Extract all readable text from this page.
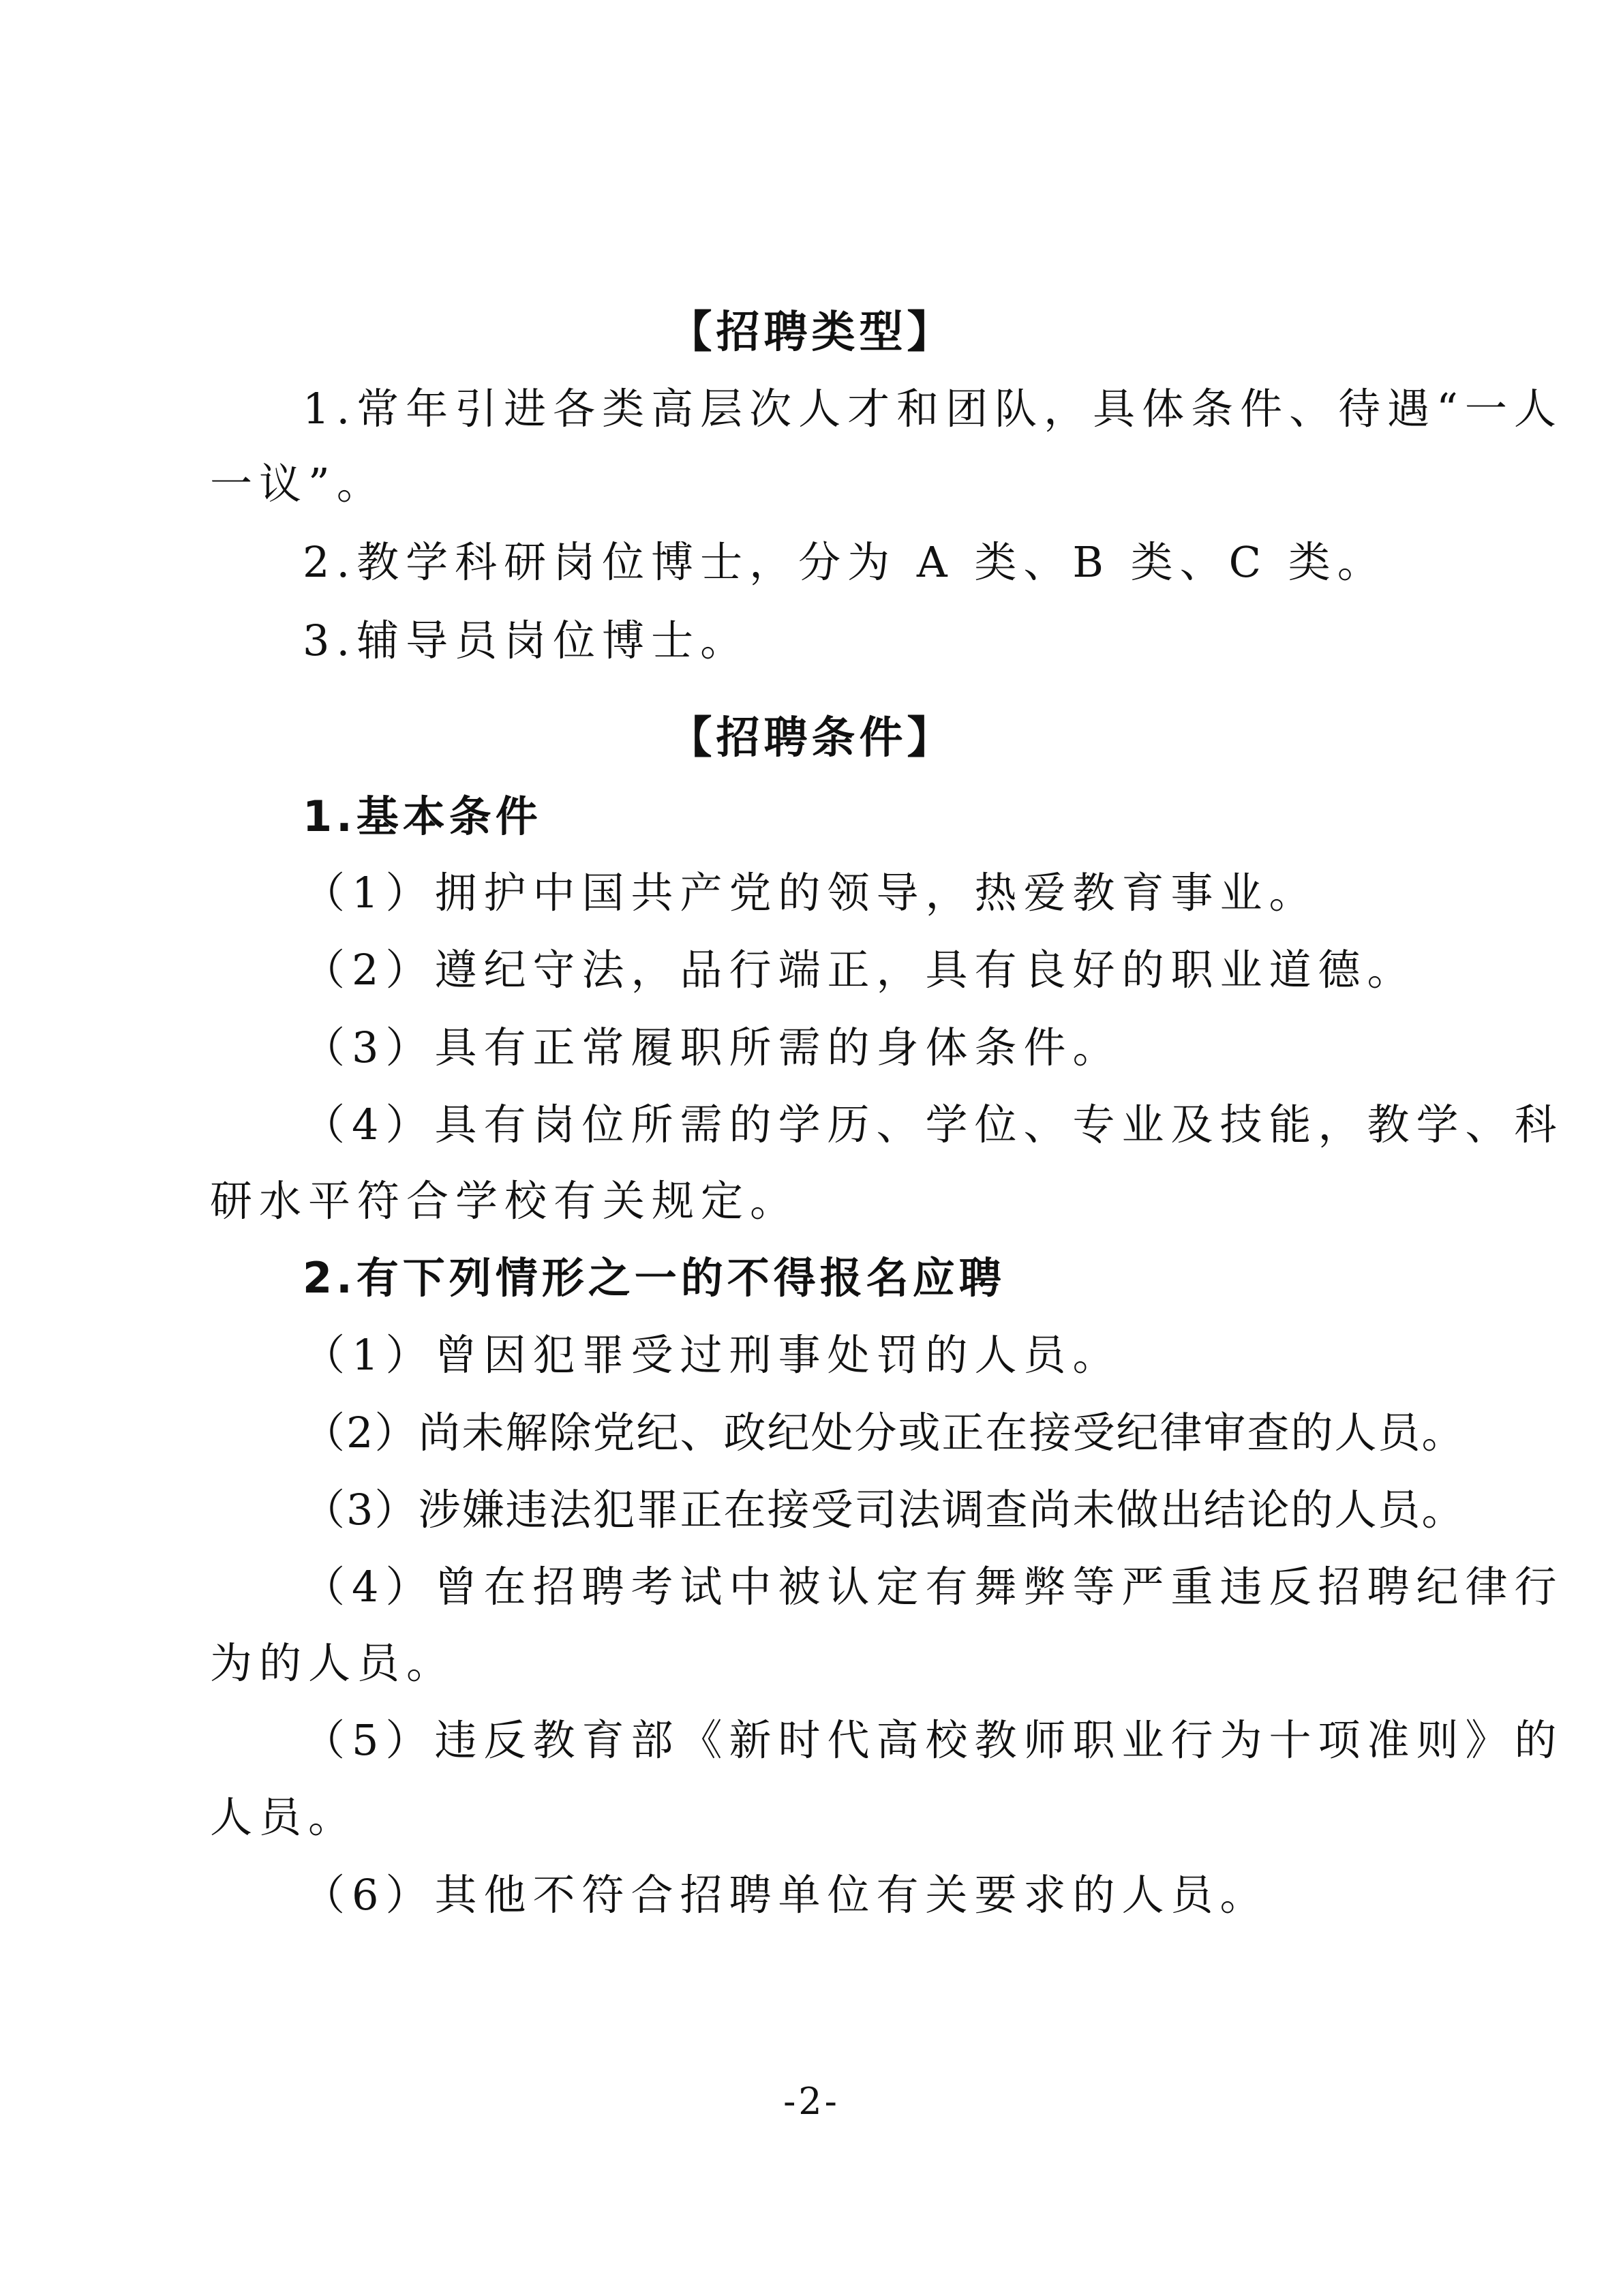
【招聘类型】
1.常年引进各类高层次人才和团队，具体条件、待遇“一人
一议”。
2.教学科研岗位博士，分为 A 类、B 类、C 类。
3.辅导员岗位博士。
【招聘条件】
1.基本条件
（1）拥护中国共产党的领导，热爱教育事业。
（2）遵纪守法，品行端正，具有良好的职业道德。
（3）具有正常履职所需的身体条件。
（4）具有岗位所需的学历、学位、专业及技能，教学、科
研水平符合学校有关规定。
2.有下列情形之一的不得报名应聘
（1）曾因犯罪受过刑事处罚的人员。
（2）尚未解除党纪、政纪处分或正在接受纪律审查的人员。
（3）涉嫌违法犯罪正在接受司法调查尚未做出结论的人员。
（4）曾在招聘考试中被认定有舞弊等严重违反招聘纪律行
为的人员。
（5）违反教育部《新时代高校教师职业行为十项准则》的
人员。
（6）其他不符合招聘单位有关要求的人员。
-2-
